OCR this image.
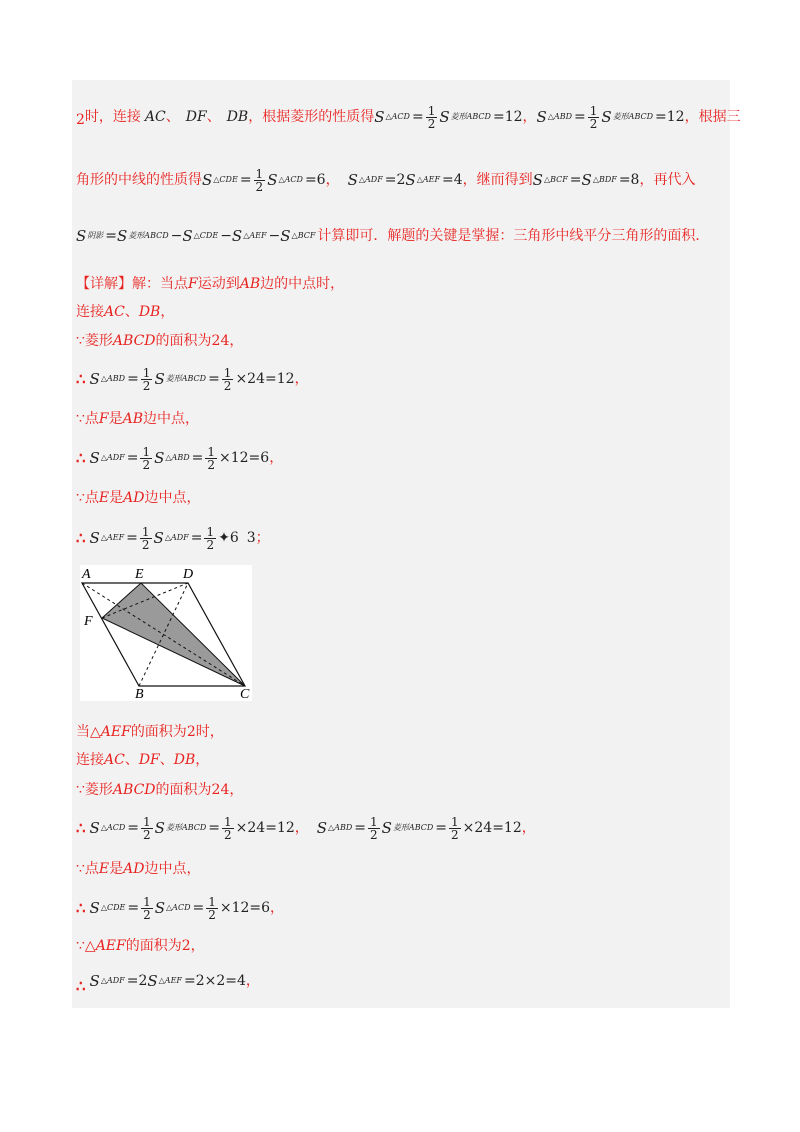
2 时，连接 AC 、 DF 、 DB ，根据菱形的性质得 S △ACD = $\frac{1}{2}$ S 菱形ABCD =12 ， S △ABD = $\frac{1}{2}$ S 菱形ABCD =12 ，根据三
角形的中线的性质得 S △CDE = $\frac{1}{2}$ S △ACD =6 ， S △ADF =2 S △AEF =4 ，继而得到 S △BCF = S △BDF =8 ，再代入
S 阴影 = S 菱形ABCD − S △CDE − S △AEF − S △BCF 计算即可．解题的关键是掌握：三角形中线平分三角形的面积．
【详解】 解：当点 F 运动到 AB 边的中点时，
连接 AC 、 DB ，
∵ 菱形 ABCD 的面积为 24 ，
∴ S △ABD = $\frac{1}{2}$ S 菱形ABCD = $\frac{1}{2} \times 24=12$ ，
∵ 点 F 是 AB 边中点，
∴ S △ADF = $\frac{1}{2}$ S △ABD = $\frac{1}{2} \times 12=6$ ，
∵ 点 E 是 AD 边中点，
∴ S △AEF = $\frac{1}{2}$ S △ADF = $\frac{1}{2}$ ✦6 3 ；
A	E	D
F
B	C
当 △AEF 的面积为 2 时，
连接 AC 、 DF 、 DB ，
∵ 菱形 ABCD 的面积为 24 ，
∴ S △ACD = $\frac{1}{2}$ S 菱形ABCD = $\frac{1}{2} \times 24=12$ ， S △ABD = $\frac{1}{2}$ S 菱形ABCD = $\frac{1}{2} \times 24=12$ ，
∵ 点 E 是 AD 边中点，
∴ S △CDE = $\frac{1}{2}$ S △ACD = $\frac{1}{2} \times 12=6$ ，
∵ △AEF 的面积为 2 ，
∴ S △ADF =2 S △AEF =2×2=4 ，
